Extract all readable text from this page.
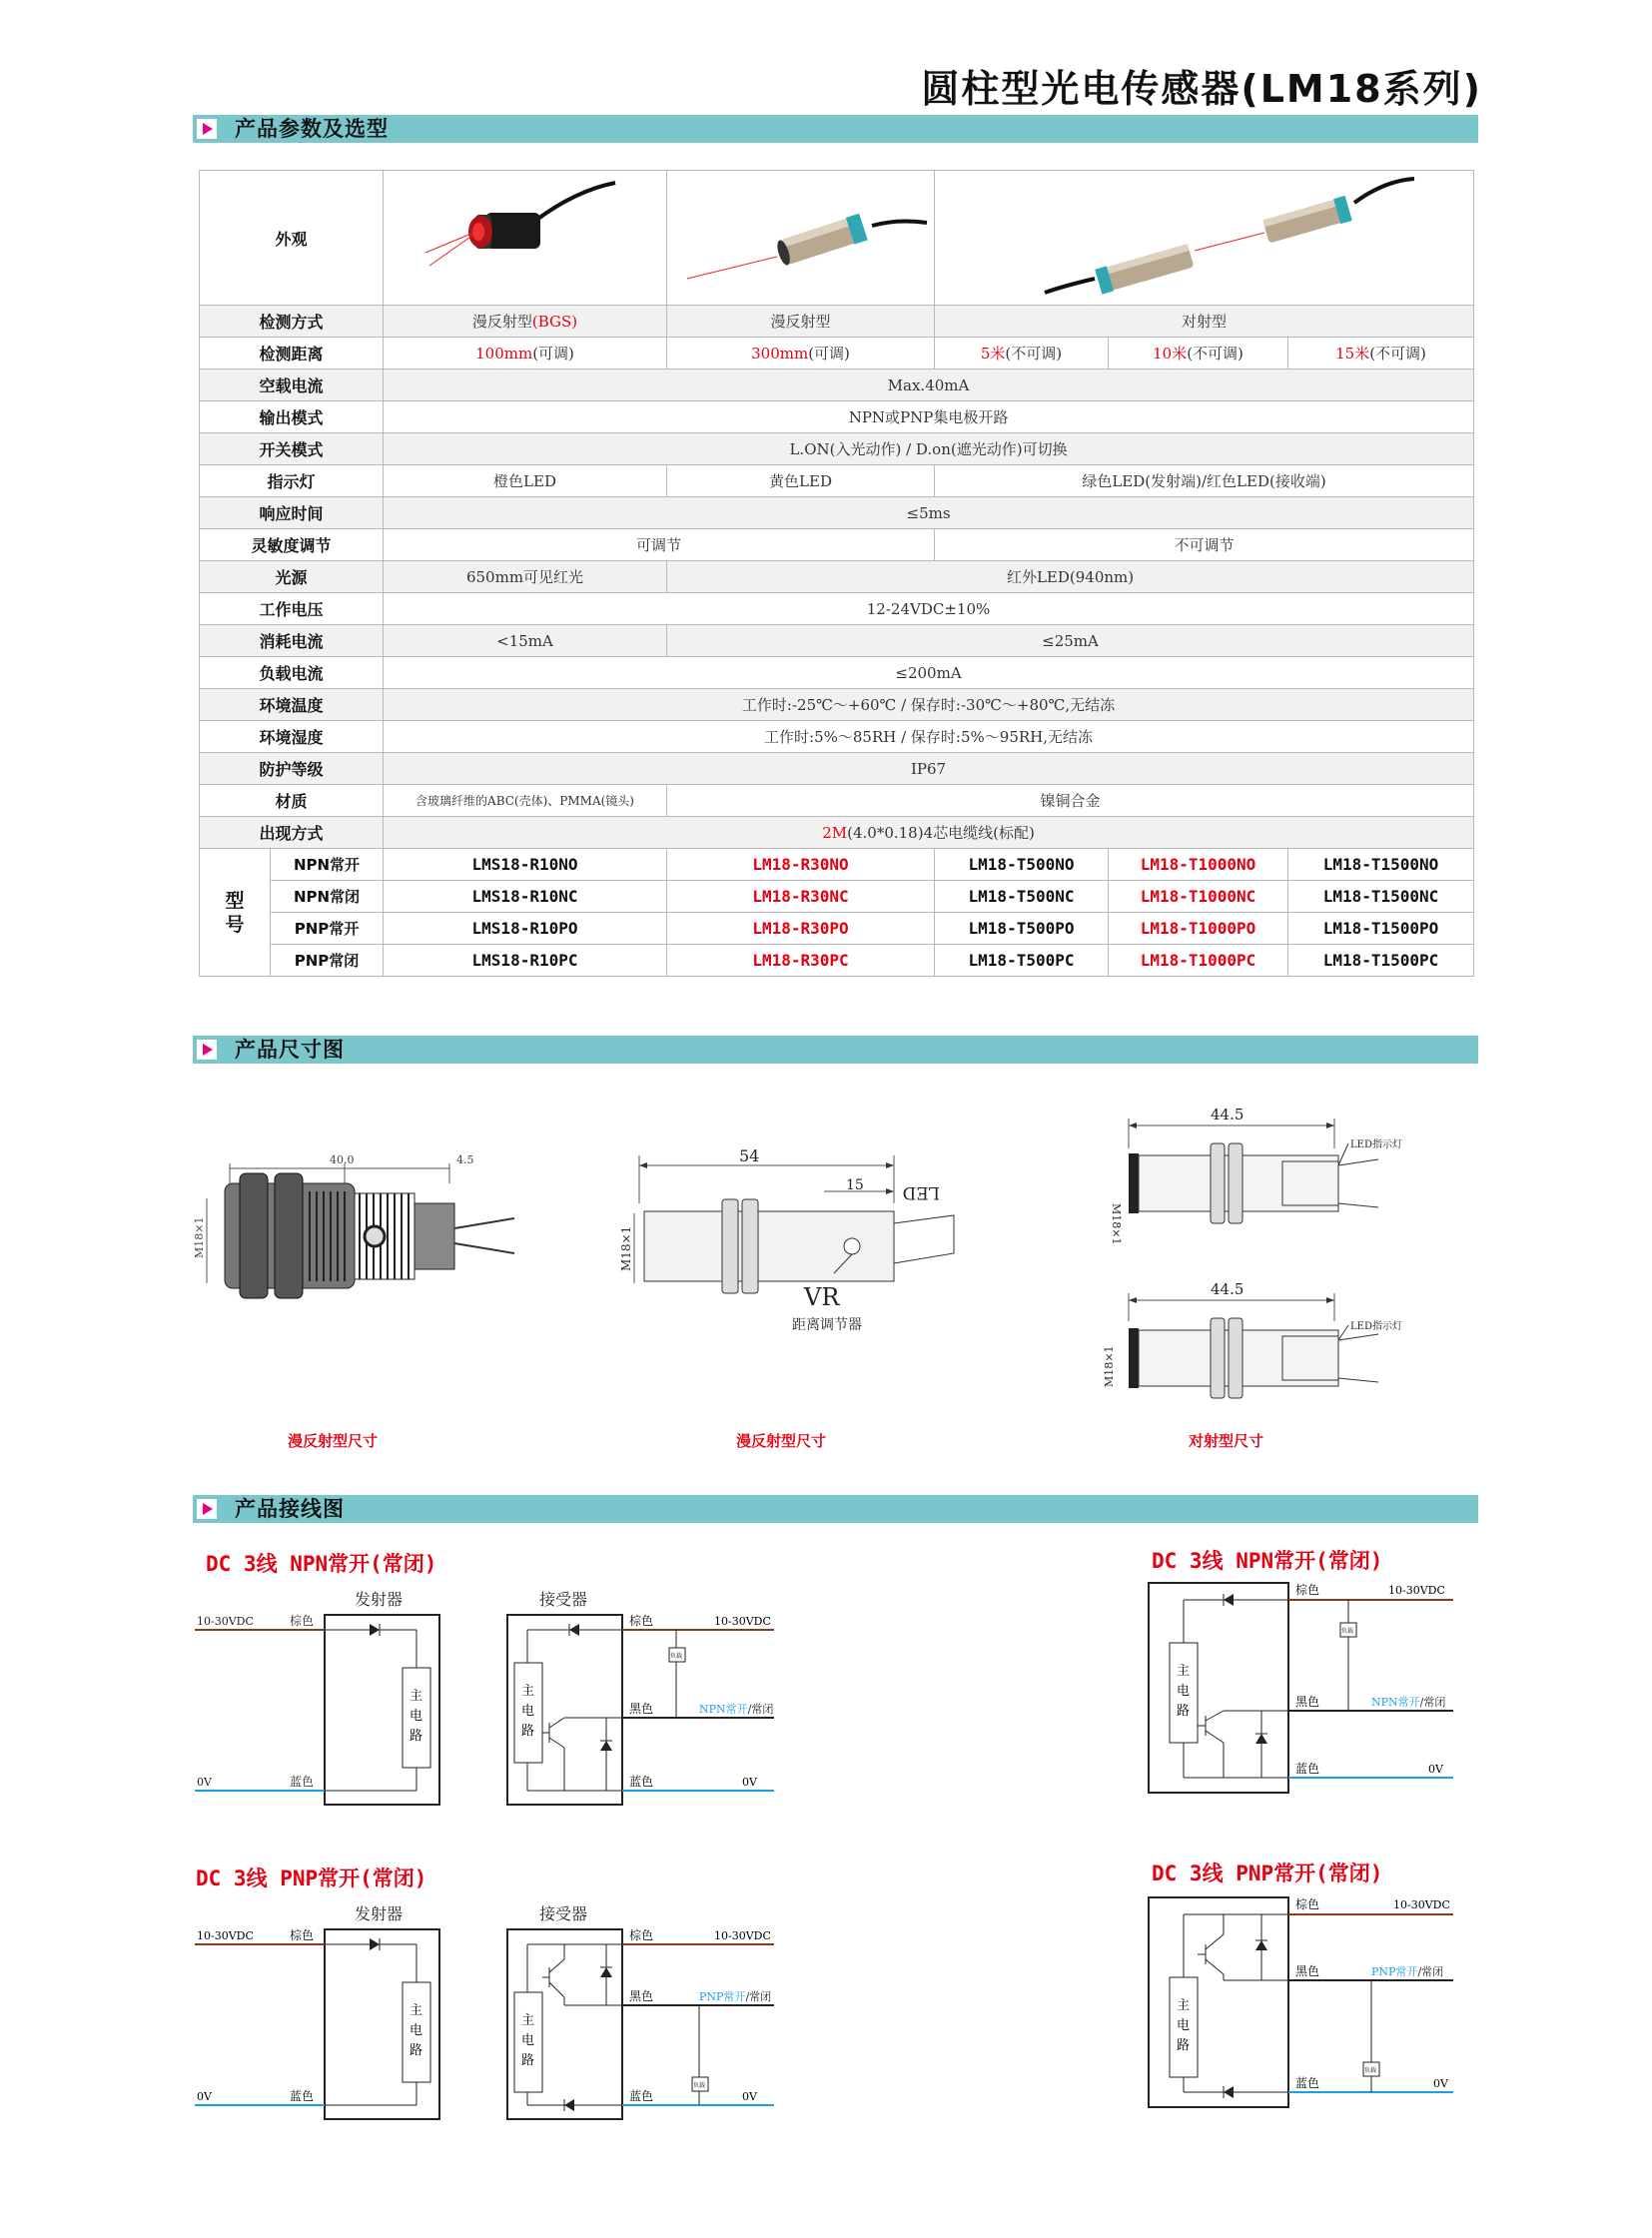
圆柱型光电传感器(LM18系列)
产品参数及选型
外观			
检测方式		漫反射型(BGS)	漫反射型	对射型		
检测距离		100mm(可调)	300mm(可调)	5米(不可调)	10米(不可调)	15米(不可调)
空载电流		Max.40mA				
输出模式		NPN或PNP集电极开路				
开关模式		L.ON(入光动作) / D.on(遮光动作)可切换				
指示灯		橙色LED	黄色LED	绿色LED(发射端)/红色LED(接收端)		
响应时间		≤5ms				
灵敏度调节		可调节		不可调节		
光源		650mm可见红光	红外LED(940nm)			
工作电压		12-24VDC±10%				
消耗电流		<15mA	≤25mA			
负载电流		≤200mA				
环境温度		工作时:-25℃～+60℃ / 保存时:-30℃～+80℃,无结冻				
环境湿度		工作时:5%～85RH / 保存时:5%～95RH,无结冻				
防护等级		IP67				
材质		含玻璃纤维的ABC(壳体)、PMMA(镜头)	镍铜合金			
出现方式		2M(4.0*0.18)4芯电缆线(标配)				
型
号	NPN常开	LMS18-R10NO	LM18-R30NO	LM18-T500NO	LM18-T1000NO	LM18-T1500NO
	NPN常闭	LMS18-R10NC	LM18-R30NC	LM18-T500NC	LM18-T1000NC	LM18-T1500NC
	PNP常开	LMS18-R10PO	LM18-R30PO	LM18-T500PO	LM18-T1000PO	LM18-T1500PO
	PNP常闭	LMS18-R10PC	LM18-R30PC	LM18-T500PC	LM18-T1000PC	LM18-T1500PC
产品尺寸图
40.0	4.5
M18×1
54
15 LED
M18×1
VR
距离调节器
44.5
M18×1
LED指示灯
44.5
M18×1
LED指示灯
漫反射型尺寸	漫反射型尺寸	对射型尺寸
产品接线图
DC 3线 NPN常开(常闭)
DC 3线 PNP常开(常闭)
DC 3线 NPN常开(常闭)
DC 3线 PNP常开(常闭)
发射器
10-30VDC
0V
棕色
蓝色
主
电
路
接受器
棕色
黑色
蓝色
10-30VDC
0V
NPN常开/常闭
负载
主
电
路
发射器
10-30VDC
0V
棕色
蓝色
主
电
路
接受器
棕色
黑色
蓝色
10-30VDC
0V
PNP常开/常闭
负载
主
电
路
棕色
黑色
蓝色
10-30VDC
0V
NPN常开/常闭
负载
主
电
路
棕色
黑色
蓝色
10-30VDC
0V
PNP常开/常闭
负载
主
电
路
